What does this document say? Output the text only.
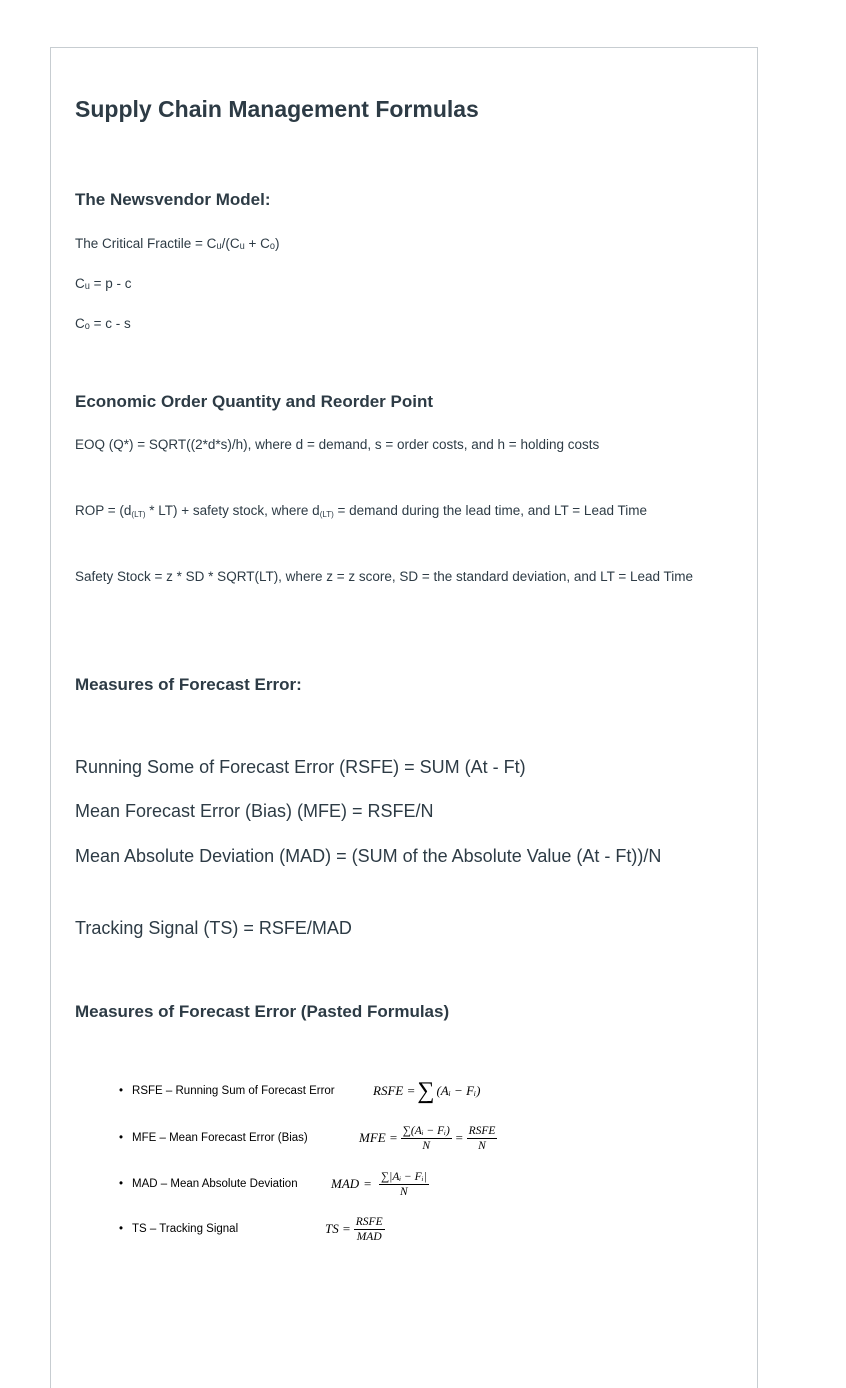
Supply Chain Management Formulas
The Newsvendor Model:
The Critical Fractile = Cᵤ/(Cᵤ + Cₒ)
Cᵤ = p - c
Cₒ = c - s
Economic Order Quantity and Reorder Point
EOQ (Q*) = SQRT((2*d*s)/h), where d = demand, s = order costs, and h = holding costs
ROP = $(d_{(LT)} * LT)$ + safety stock, where $d_{(LT)}$ = demand during the lead time, and LT = Lead Time
Safety Stock = z * SD * SQRT(LT), where z = z score, SD = the standard deviation, and LT = Lead Time
Measures of Forecast Error:
Running Some of Forecast Error (RSFE) = SUM (At - Ft)
Mean Forecast Error (Bias) (MFE) = RSFE/N
Mean Absolute Deviation (MAD) = (SUM of the Absolute Value (At - Ft))/N
Tracking Signal (TS) = RSFE/MAD
Measures of Forecast Error (Pasted Formulas)
• RSFE – Running Sum of Forecast Error	RSFE = ∑ (Aᵢ − Fᵢ)
• MFE – Mean Forecast Error (Bias)	MFE = $\frac{\text{∑(Aᵢ − Fᵢ)}}{N} = \frac{\text{RSFE}}{N}$
• MAD – Mean Absolute Deviation	MAD = $\frac{\text{∑|Aᵢ − Fᵢ|}}{N}$
• TS – Tracking Signal	TS = $\frac{\text{RSFE}}{\text{MAD}}$
